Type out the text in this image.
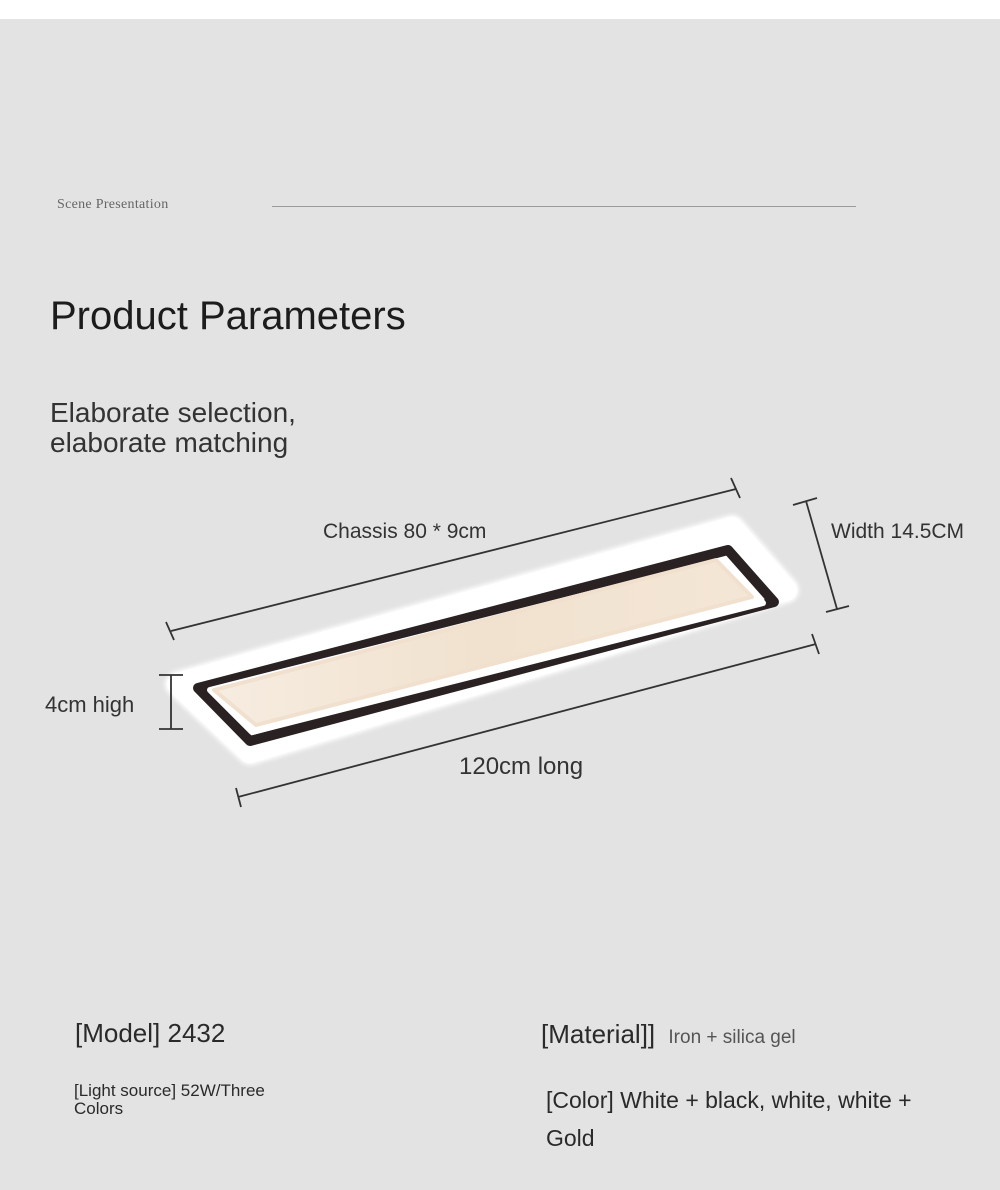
Scene Presentation
Product Parameters
Elaborate selection,
elaborate matching
Chassis 80 * 9cm	Width 14.5CM
4cm high
120cm long
[Model] 2432
[Light source] 52W/Three Colors
[Material]] Iron + silica gel
[Color] White + black, white, white + Gold
